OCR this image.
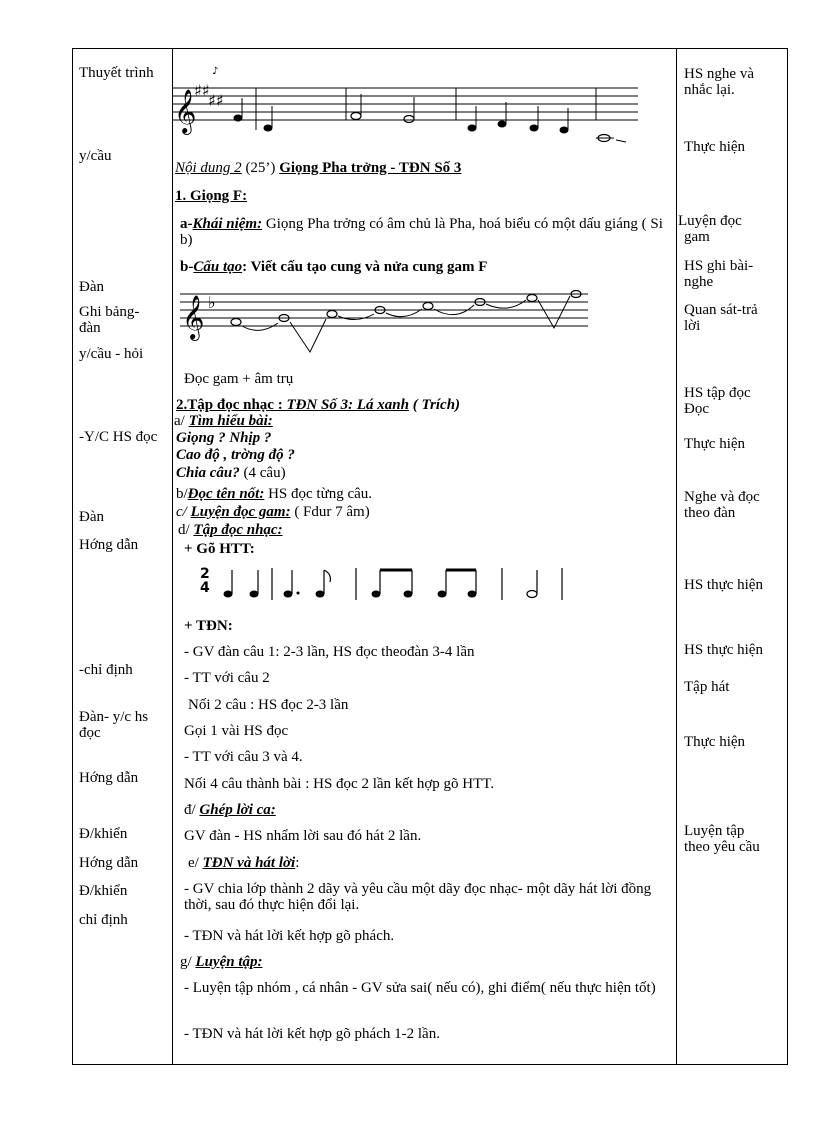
Thuyết trình
y/cầu
Đàn
Ghi bảng-
đàn
y/cầu - hỏi
-Y/C HS đọc
Đàn
Hớng dẫn
-chỉ định
Đàn- y/c hs
đọc
Hớng dẫn
Đ/khiển
Hớng dẫn
Đ/khiển
chỉ định
HS nghe và
nhắc lại.
Thực hiện
Luyện đọc
gam
HS ghi bài-
nghe
Quan sát-trả
lời
HS tập đọc
Đọc
Thực hiện
Nghe và đọc
theo đàn
HS thực hiện
HS thực hiện
Tập hát
Thực hiện
Luyện tập
theo yêu cầu
𝄞
♯♯
♯♯
♪
Nội dung 2 (25’) Giọng Pha trởng - TĐN Số 3
1. Giọng F:
a-Khái niệm: Giọng Pha trởng có âm chủ là Pha, hoá biểu có một dấu giáng ( Si b)
b-Cấu tạo: Viết cấu tạo cung và nửa cung gam F
𝄞 ♭
Đọc gam + âm trụ
2.Tập đọc nhạc : TĐN Số 3: Lá xanh ( Trích)
a/ Tìm hiểu bài:
Giọng ? Nhịp ?
Cao độ , trờng độ ?
Chia câu? (4 câu)
b/Đọc tên nốt: HS đọc từng câu.
c/ Luyện đọc gam: ( Fdur 7 âm)
d/ Tập đọc nhạc:
+ Gõ HTT:
2
4
+ TĐN:
- GV đàn câu 1: 2-3 lần, HS đọc theođàn 3-4 lần
- TT với câu 2
Nối 2 câu : HS đọc 2-3 lần
Gọi 1 vài HS đọc
- TT với câu 3 và 4.
Nối 4 câu thành bài : HS đọc 2 lần kết hợp gõ HTT.
đ/ Ghép lời ca:
GV đàn - HS nhẩm lời sau đó hát 2 lần.
e/ TĐN và hát lời:
- GV chia lớp thành 2 dãy và yêu cầu một dãy đọc nhạc- một dãy hát lời đồng thời, sau đó thực hiện đổi lại.
- TĐN và hát lời kết hợp gõ phách.
g/ Luyện tập:
- Luyện tập nhóm , cá nhân - GV sửa sai( nếu có), ghi điểm( nếu thực hiện tốt)
- TĐN và hát lời kết hợp gõ phách 1-2 lần.
